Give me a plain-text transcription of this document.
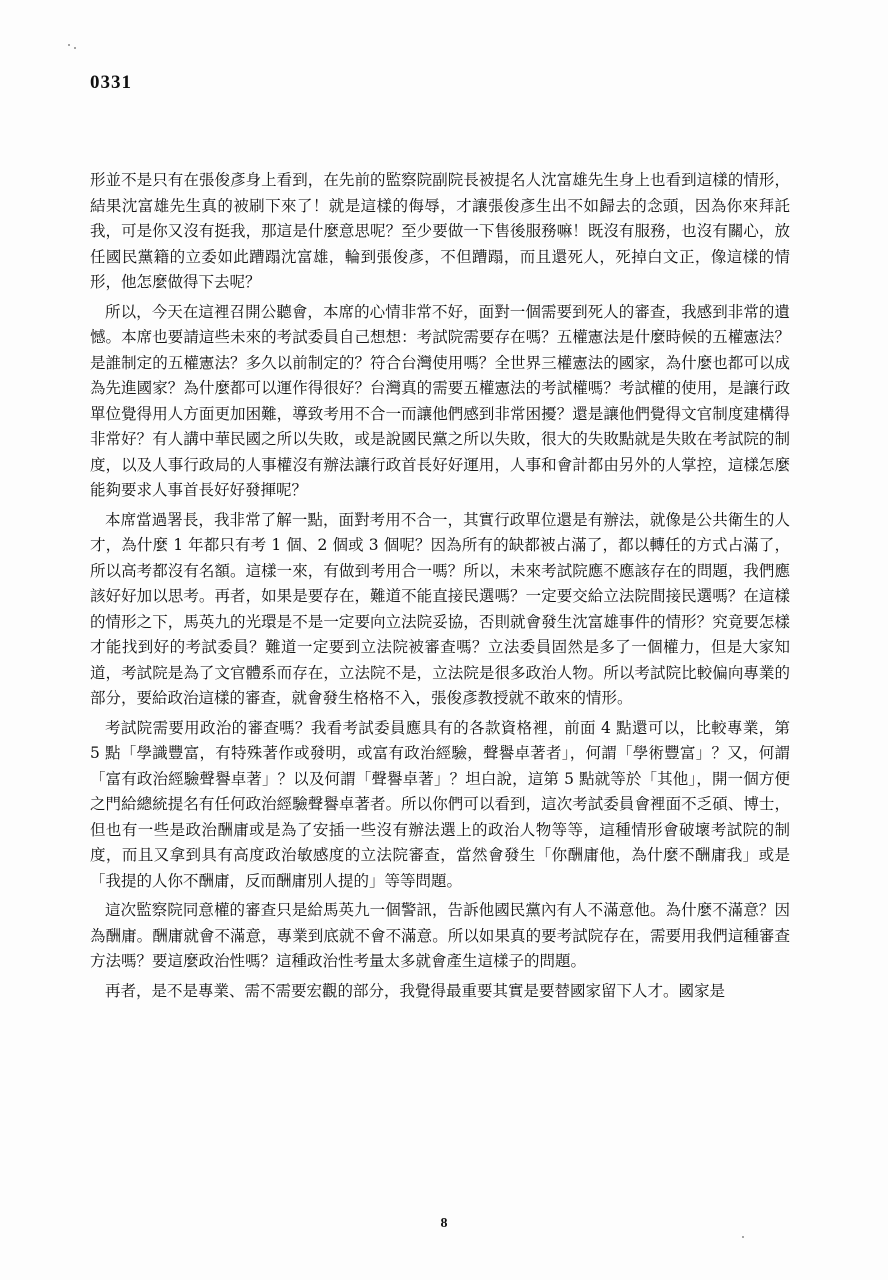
0331

形並不是只有在張俊彥身上看到，在先前的監察院副院長被提名人沈富雄先生身上也看到這樣的情形，結果沈富雄先生真的被刷下來了！就是這樣的侮辱，才讓張俊彥生出不如歸去的念頭，因為你來拜託我，可是你又沒有挺我，那這是什麼意思呢？至少要做一下售後服務嘛！既沒有服務，也沒有關心，放任國民黨籍的立委如此蹧蹋沈富雄，輪到張俊彥，不但蹧蹋，而且還死人，死掉白文正，像這樣的情形，他怎麼做得下去呢？

所以，今天在這裡召開公聽會，本席的心情非常不好，面對一個需要到死人的審查，我感到非常的遺憾。本席也要請這些未來的考試委員自己想想：考試院需要存在嗎？五權憲法是什麼時候的五權憲法？是誰制定的五權憲法？多久以前制定的？符合台灣使用嗎？全世界三權憲法的國家，為什麼也都可以成為先進國家？為什麼都可以運作得很好？台灣真的需要五權憲法的考試權嗎？考試權的使用，是讓行政單位覺得用人方面更加困難，導致考用不合一而讓他們感到非常困擾？還是讓他們覺得文官制度建構得非常好？有人講中華民國之所以失敗，或是說國民黨之所以失敗，很大的失敗點就是失敗在考試院的制度，以及人事行政局的人事權沒有辦法讓行政首長好好運用，人事和會計都由另外的人掌控，這樣怎麼能夠要求人事首長好好發揮呢？

本席當過署長，我非常了解一點，面對考用不合一，其實行政單位還是有辦法，就像是公共衛生的人才，為什麼 1 年都只有考 1 個、2 個或 3 個呢？因為所有的缺都被占滿了，都以轉任的方式占滿了，所以高考都沒有名額。這樣一來，有做到考用合一嗎？所以，未來考試院應不應該存在的問題，我們應該好好加以思考。再者，如果是要存在，難道不能直接民選嗎？一定要交給立法院間接民選嗎？在這樣的情形之下，馬英九的光環是不是一定要向立法院妥協，否則就會發生沈富雄事件的情形？究竟要怎樣才能找到好的考試委員？難道一定要到立法院被審查嗎？立法委員固然是多了一個權力，但是大家知道，考試院是為了文官體系而存在，立法院不是，立法院是很多政治人物。所以考試院比較偏向專業的部分，要給政治這樣的審查，就會發生格格不入，張俊彥教授就不敢來的情形。

考試院需要用政治的審查嗎？我看考試委員應具有的各款資格裡，前面 4 點還可以，比較專業，第 5 點「學識豐富，有特殊著作或發明，或富有政治經驗，聲譽卓著者」，何謂「學術豐富」？又，何謂「富有政治經驗聲譽卓著」？以及何謂「聲譽卓著」？坦白說，這第 5 點就等於「其他」，開一個方便之門給總統提名有任何政治經驗聲譽卓著者。所以你們可以看到，這次考試委員會裡面不乏碩、博士，但也有一些是政治酬庸或是為了安插一些沒有辦法選上的政治人物等等，這種情形會破壞考試院的制度，而且又拿到具有高度政治敏感度的立法院審查，當然會發生「你酬庸他，為什麼不酬庸我」或是「我提的人你不酬庸，反而酬庸別人提的」等等問題。

這次監察院同意權的審查只是給馬英九一個警訊，告訴他國民黨內有人不滿意他。為什麼不滿意？因為酬庸。酬庸就會不滿意，專業到底就不會不滿意。所以如果真的要考試院存在，需要用我們這種審查方法嗎？要這麼政治性嗎？這種政治性考量太多就會產生這樣子的問題。

再者，是不是專業、需不需要宏觀的部分，我覺得最重要其實是要替國家留下人才。國家是

8
